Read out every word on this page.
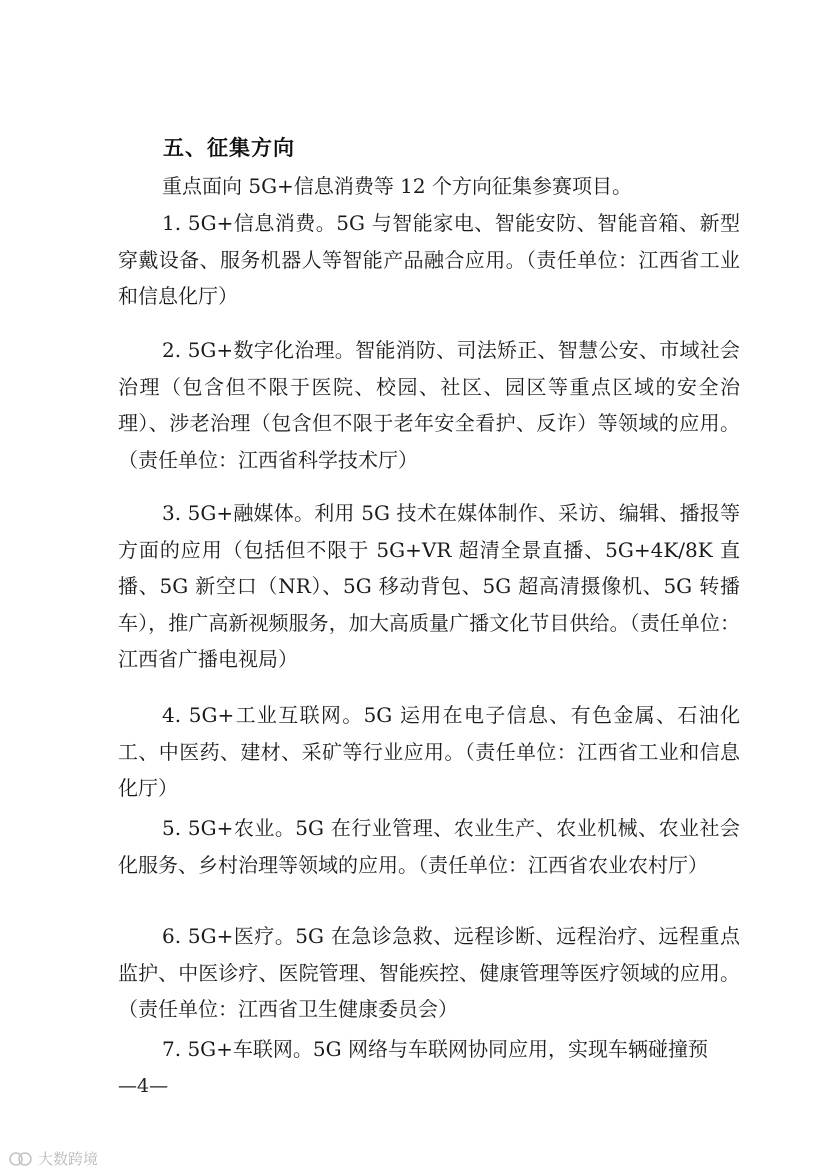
五、征集方向

重点面向 5G+信息消费等 12 个方向征集参赛项目。

1. 5G+信息消费。5G 与智能家电、智能安防、智能音箱、新型穿戴设备、服务机器人等智能产品融合应用。（责任单位：江西省工业和信息化厅）

2. 5G+数字化治理。智能消防、司法矫正、智慧公安、市域社会治理（包含但不限于医院、校园、社区、园区等重点区域的安全治理）、涉老治理（包含但不限于老年安全看护、反诈）等领域的应用。（责任单位：江西省科学技术厅）

3. 5G+融媒体。利用 5G 技术在媒体制作、采访、编辑、播报等方面的应用（包括但不限于 5G+VR 超清全景直播、5G+4K/8K 直播、5G 新空口（NR）、5G 移动背包、5G 超高清摄像机、5G 转播车），推广高新视频服务，加大高质量广播文化节目供给。（责任单位：江西省广播电视局）

4. 5G+工业互联网。5G 运用在电子信息、有色金属、石油化工、中医药、建材、采矿等行业应用。（责任单位：江西省工业和信息化厅）

5. 5G+农业。5G 在行业管理、农业生产、农业机械、农业社会化服务、乡村治理等领域的应用。（责任单位：江西省农业农村厅）

6. 5G+医疗。5G 在急诊急救、远程诊断、远程治疗、远程重点监护、中医诊疗、医院管理、智能疾控、健康管理等医疗领域的应用。（责任单位：江西省卫生健康委员会）

7. 5G+车联网。5G 网络与车联网协同应用，实现车辆碰撞预

—4—
大数跨境
